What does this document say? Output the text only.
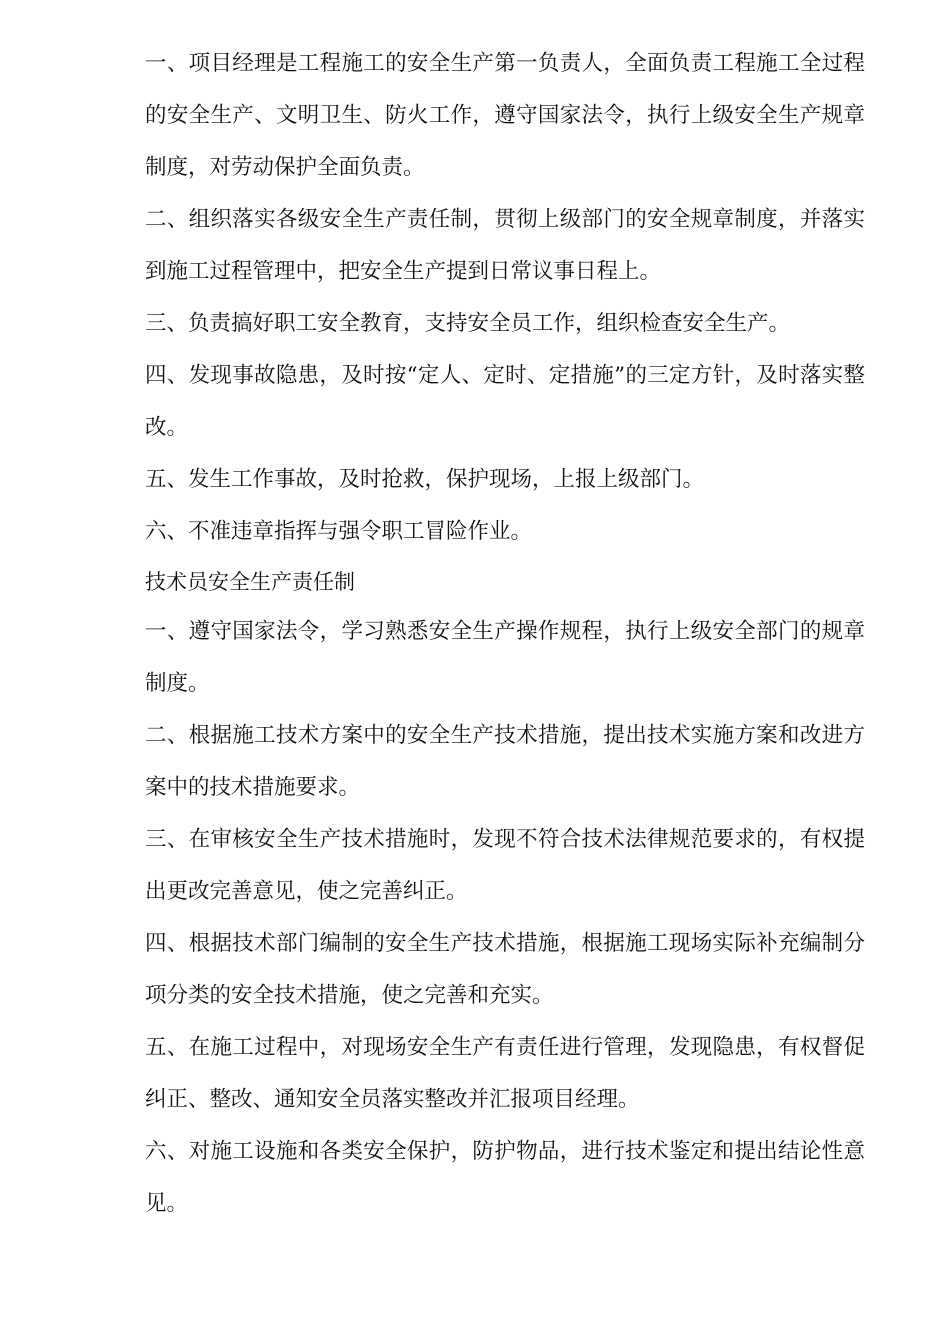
一、项目经理是工程施工的安全生产第一负责人，全面负责工程施工全过程的安全生产、文明卫生、防火工作，遵守国家法令，执行上级安全生产规章制度，对劳动保护全面负责。

二、组织落实各级安全生产责任制，贯彻上级部门的安全规章制度，并落实到施工过程管理中，把安全生产提到日常议事日程上。

三、负责搞好职工安全教育，支持安全员工作，组织检查安全生产。

四、发现事故隐患，及时按“定人、定时、定措施”的三定方针，及时落实整改。

五、发生工作事故，及时抢救，保护现场，上报上级部门。

六、不准违章指挥与强令职工冒险作业。

技术员安全生产责任制

一、遵守国家法令，学习熟悉安全生产操作规程，执行上级安全部门的规章制度。

二、根据施工技术方案中的安全生产技术措施，提出技术实施方案和改进方案中的技术措施要求。

三、在审核安全生产技术措施时，发现不符合技术法律规范要求的，有权提出更改完善意见，使之完善纠正。

四、根据技术部门编制的安全生产技术措施，根据施工现场实际补充编制分项分类的安全技术措施，使之完善和充实。

五、在施工过程中，对现场安全生产有责任进行管理，发现隐患，有权督促纠正、整改、通知安全员落实整改并汇报项目经理。

六、对施工设施和各类安全保护，防护物品，进行技术鉴定和提出结论性意见。
